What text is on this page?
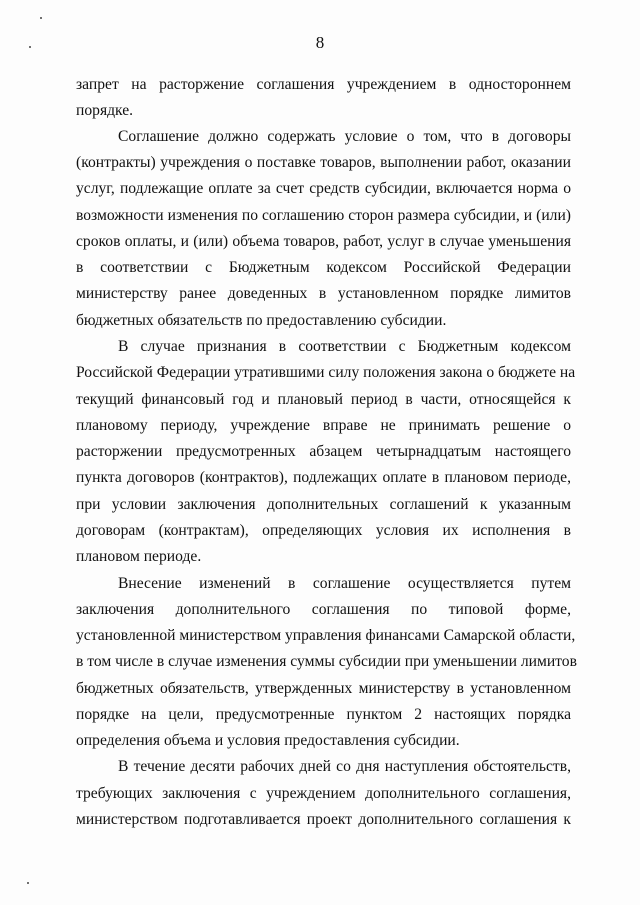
8
запрет на расторжение соглашения учреждением в одностороннем
порядке.
Соглашение должно содержать условие о том, что в договоры
(контракты) учреждения о поставке товаров, выполнении работ, оказании
услуг, подлежащие оплате за счет средств субсидии, включается норма о
возможности изменения по соглашению сторон размера субсидии, и (или)
сроков оплаты, и (или) объема товаров, работ, услуг в случае уменьшения
в соответствии с Бюджетным кодексом Российской Федерации
министерству ранее доведенных в установленном порядке лимитов
бюджетных обязательств по предоставлению субсидии.
В случае признания в соответствии с Бюджетным кодексом
Российской Федерации утратившими силу положения закона о бюджете на
текущий финансовый год и плановый период в части, относящейся к
плановому периоду, учреждение вправе не принимать решение о
расторжении предусмотренных абзацем четырнадцатым настоящего
пункта договоров (контрактов), подлежащих оплате в плановом периоде,
при условии заключения дополнительных соглашений к указанным
договорам (контрактам), определяющих условия их исполнения в
плановом периоде.
Внесение изменений в соглашение осуществляется путем
заключения дополнительного соглашения по типовой форме,
установленной министерством управления финансами Самарской области,
в том числе в случае изменения суммы субсидии при уменьшении лимитов
бюджетных обязательств, утвержденных министерству в установленном
порядке на цели, предусмотренные пунктом 2 настоящих порядка
определения объема и условия предоставления субсидии.
В течение десяти рабочих дней со дня наступления обстоятельств,
требующих заключения с учреждением дополнительного соглашения,
министерством подготавливается проект дополнительного соглашения к
